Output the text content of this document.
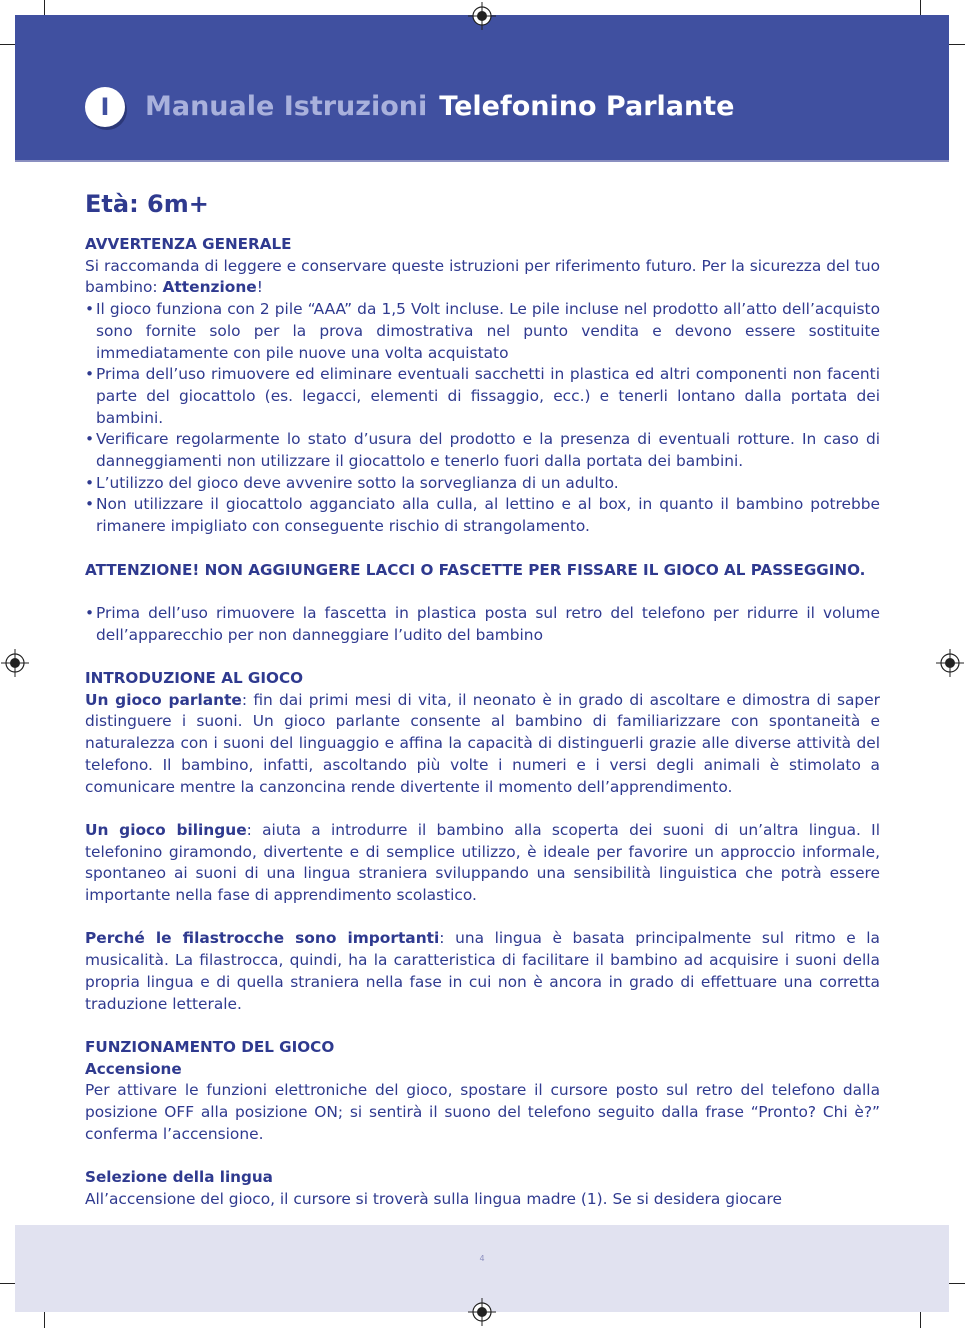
I	Manuale Istruzioni Telefonino Parlante
Età: 6m+
AVVERTENZA GENERALE
Si raccomanda di leggere e conservare queste istruzioni per riferimento futuro. Per la sicurezza del tuo bambino: Attenzione!
• Il gioco funziona con 2 pile “AAA” da 1,5 Volt incluse. Le pile incluse nel prodotto all’atto dell’acquisto sono fornite solo per la prova dimostrativa nel punto vendita e devono essere sostituite immediatamente con pile nuove una volta acquistato
• Prima dell’uso rimuovere ed eliminare eventuali sacchetti in plastica ed altri componenti non facenti parte del giocattolo (es. legacci, elementi di fissaggio, ecc.) e tenerli lontano dalla portata dei bambini.
• Verificare regolarmente lo stato d’usura del prodotto e la presenza di eventuali rotture. In caso di danneggiamenti non utilizzare il giocattolo e tenerlo fuori dalla portata dei bambini.
• L’utilizzo del gioco deve avvenire sotto la sorveglianza di un adulto.
• Non utilizzare il giocattolo agganciato alla culla, al lettino e al box, in quanto il bambino potrebbe rimanere impigliato con conseguente rischio di strangolamento.
ATTENZIONE! NON AGGIUNGERE LACCI O FASCETTE PER FISSARE IL GIOCO AL PASSEGGINO.
• Prima dell’uso rimuovere la fascetta in plastica posta sul retro del telefono per ridurre il volume dell’apparecchio per non danneggiare l’udito del bambino
INTRODUZIONE AL GIOCO
Un gioco parlante: fin dai primi mesi di vita, il neonato è in grado di ascoltare e dimostra di saper distinguere i suoni. Un gioco parlante consente al bambino di familiarizzare con spontaneità e naturalezza con i suoni del linguaggio e affina la capacità di distinguerli grazie alle diverse attività del telefono. Il bambino, infatti, ascoltando più volte i numeri e i versi degli animali è stimolato a comunicare mentre la canzoncina rende divertente il momento dell’apprendimento.
Un gioco bilingue: aiuta a introdurre il bambino alla scoperta dei suoni di un’altra lingua. Il telefonino giramondo, divertente e di semplice utilizzo, è ideale per favorire un approccio informale, spontaneo ai suoni di una lingua straniera sviluppando una sensibilità linguistica che potrà essere importante nella fase di apprendimento scolastico.
Perché le filastrocche sono importanti: una lingua è basata principalmente sul ritmo e la musicalità. La filastrocca, quindi, ha la caratteristica di facilitare il bambino ad acquisire i suoni della propria lingua e di quella straniera nella fase in cui non è ancora in grado di effettuare una corretta traduzione letterale.
FUNZIONAMENTO DEL GIOCO
Accensione
Per attivare le funzioni elettroniche del gioco, spostare il cursore posto sul retro del telefono dalla posizione OFF alla posizione ON; si sentirà il suono del telefono seguito dalla frase “Pronto? Chi è?” conferma l’accensione.
Selezione della lingua
All’accensione del gioco, il cursore si troverà sulla lingua madre (1). Se si desidera giocare
4
